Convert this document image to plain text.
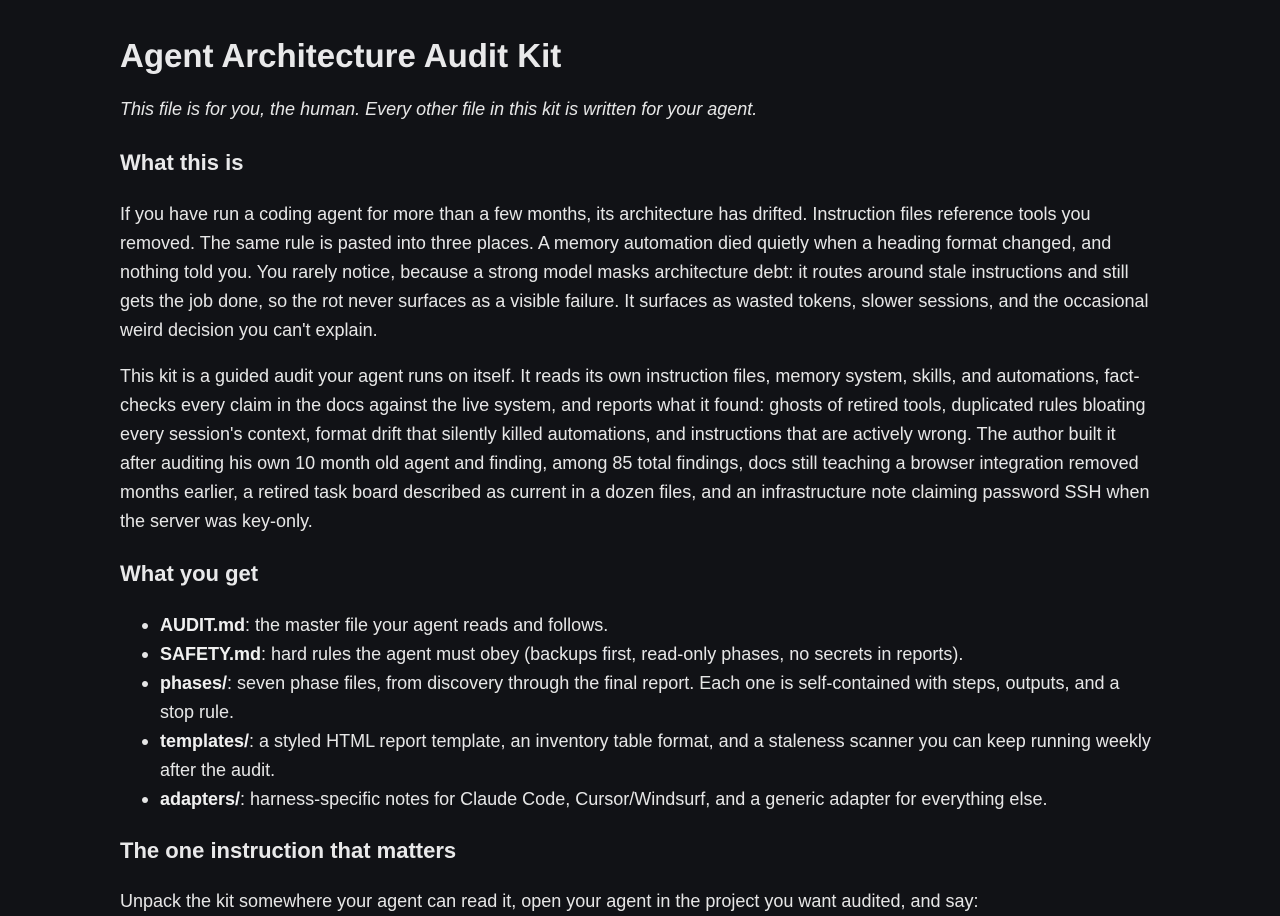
Agent Architecture Audit Kit

This file is for you, the human. Every other file in this kit is written for your agent.

What this is

If you have run a coding agent for more than a few months, its architecture has drifted. Instruction files reference tools you
removed. The same rule is pasted into three places. A memory automation died quietly when a heading format changed, and
nothing told you. You rarely notice, because a strong model masks architecture debt: it routes around stale instructions and still
gets the job done, so the rot never surfaces as a visible failure. It surfaces as wasted tokens, slower sessions, and the occasional
weird decision you can't explain.

This kit is a guided audit your agent runs on itself. It reads its own instruction files, memory system, skills, and automations, fact-
checks every claim in the docs against the live system, and reports what it found: ghosts of retired tools, duplicated rules bloating
every session's context, format drift that silently killed automations, and instructions that are actively wrong. The author built it
after auditing his own 10 month old agent and finding, among 85 total findings, docs still teaching a browser integration removed
months earlier, a retired task board described as current in a dozen files, and an infrastructure note claiming password SSH when
the server was key-only.

What you get
AUDIT.md: the master file your agent reads and follows.
SAFETY.md: hard rules the agent must obey (backups first, read-only phases, no secrets in reports).
phases/: seven phase files, from discovery through the final report. Each one is self-contained with steps, outputs, and a
stop rule.
templates/: a styled HTML report template, an inventory table format, and a staleness scanner you can keep running weekly
after the audit.
adapters/: harness-specific notes for Claude Code, Cursor/Windsurf, and a generic adapter for everything else.
The one instruction that matters

Unpack the kit somewhere your agent can read it, open your agent in the project you want audited, and say:
